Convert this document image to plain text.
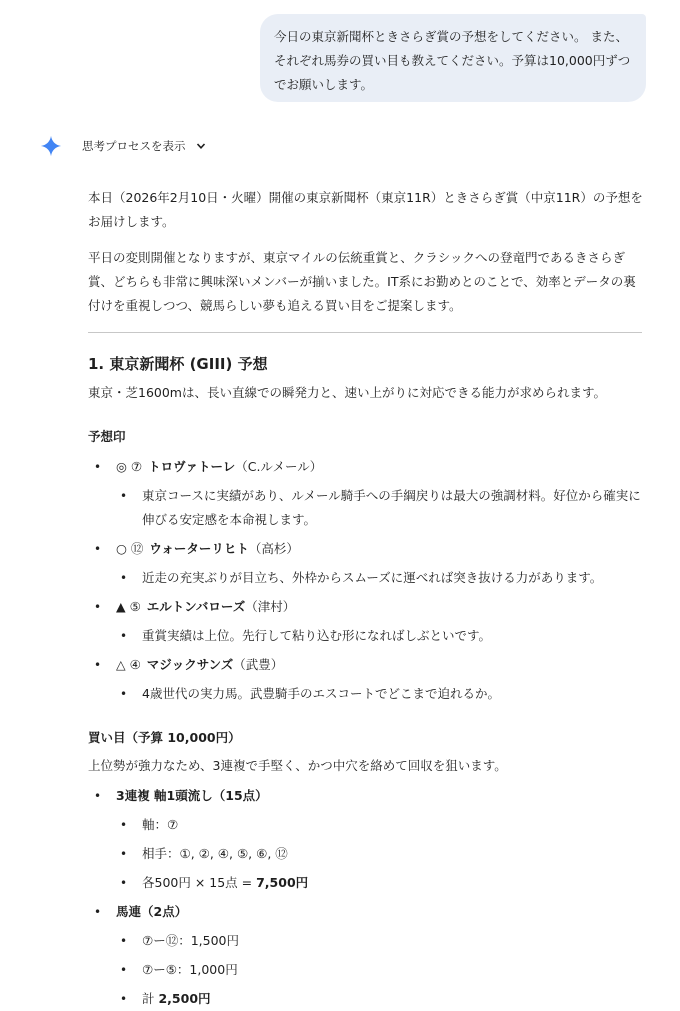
今日の東京新聞杯ときさらぎ賞の予想をしてください。 また、

それぞれ馬券の買い目も教えてください。予算は10,000円ずつ

でお願いします。

思考プロセスを表示

本日（2026年2月10日・火曜）開催の東京新聞杯（東京11R）ときさらぎ賞（中京11R）の予想をお届けします。

平日の変則開催となりますが、東京マイルの伝統重賞と、クラシックへの登竜門であるきさらぎ賞、どちらも非常に興味深いメンバーが揃いました。IT系にお勤めとのことで、効率とデータの裏付けを重視しつつ、競馬らしい夢も追える買い目をご提案します。

1. 東京新聞杯 (GIII) 予想

東京・芝1600mは、長い直線での瞬発力と、速い上がりに対応できる能力が求められます。

予想印

• ◎ ⑦ トロヴァトーレ（C.ルメール）
• 東京コースに実績があり、ルメール騎手への手綱戻りは最大の強調材料。好位から確実に伸びる安定感を本命視します。
• ○ ⑫ ウォーターリヒト（高杉）
• 近走の充実ぶりが目立ち、外枠からスムーズに運べれば突き抜ける力があります。
• ▲ ⑤ エルトンバローズ（津村）
• 重賞実績は上位。先行して粘り込む形になればしぶといです。
• △ ④ マジックサンズ（武豊）
• 4歳世代の実力馬。武豊騎手のエスコートでどこまで迫れるか。

買い目（予算 10,000円）

上位勢が強力なため、3連複で手堅く、かつ中穴を絡めて回収を狙います。

• 3連複 軸1頭流し（15点）
• 軸：⑦
• 相手：①, ②, ④, ⑤, ⑥, ⑫
• 各500円 × 15点 = 7,500円
• 馬連（2点）
• ⑦ー⑫：1,500円
• ⑦ー⑤：1,000円
• 計 2,500円
